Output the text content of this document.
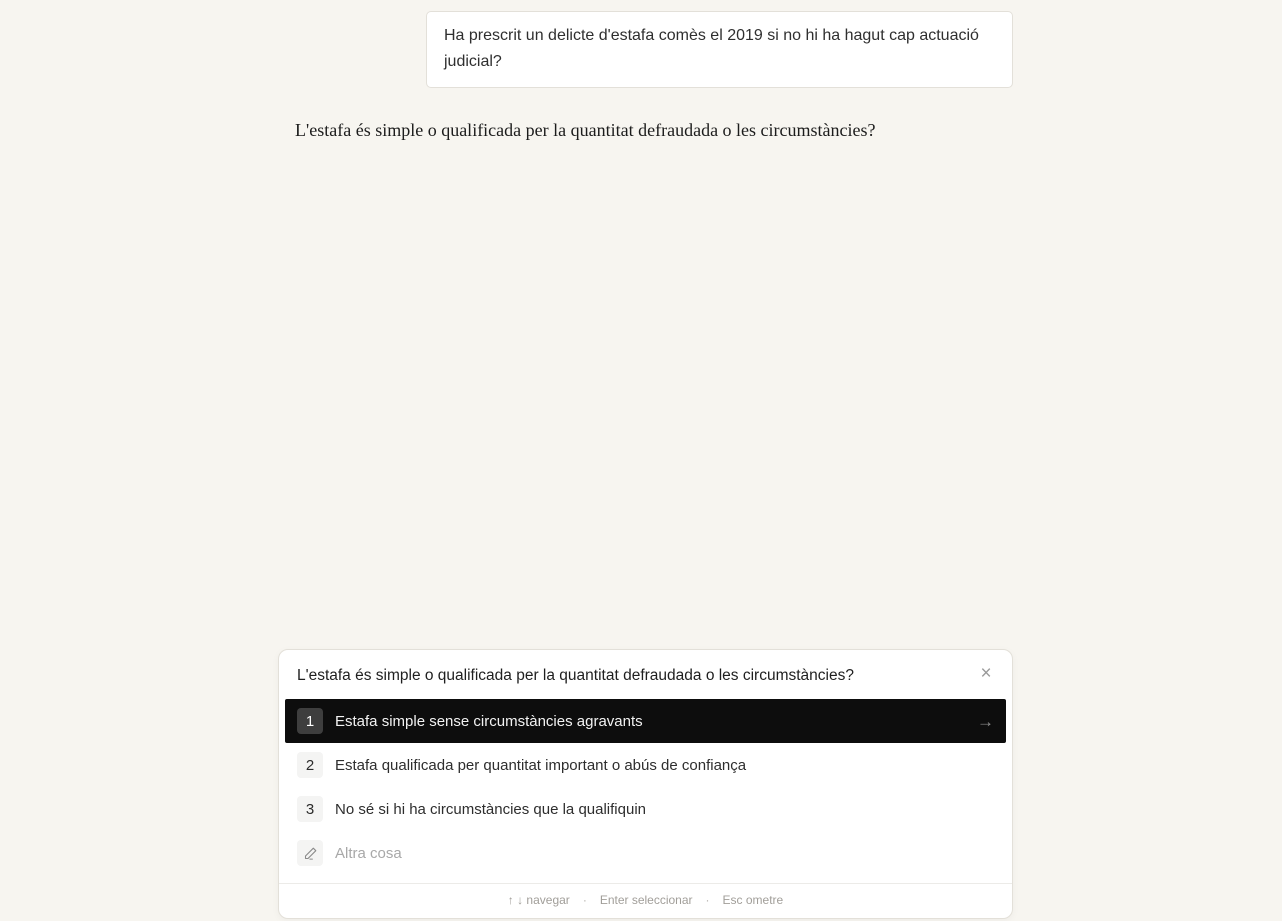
Ha prescrit un delicte d'estafa comès el 2019 si no hi ha hagut cap actuació judicial?
L'estafa és simple o qualificada per la quantitat defraudada o les circumstàncies?
L'estafa és simple o qualificada per la quantitat defraudada o les circumstàncies?	×
1	Estafa simple sense circumstàncies agravants	→
2	Estafa qualificada per quantitat important o abús de confiança
3	No sé si hi ha circumstàncies que la qualifiquin
Altra cosa
↑ ↓ navegar · Enter seleccionar · Esc ometre
